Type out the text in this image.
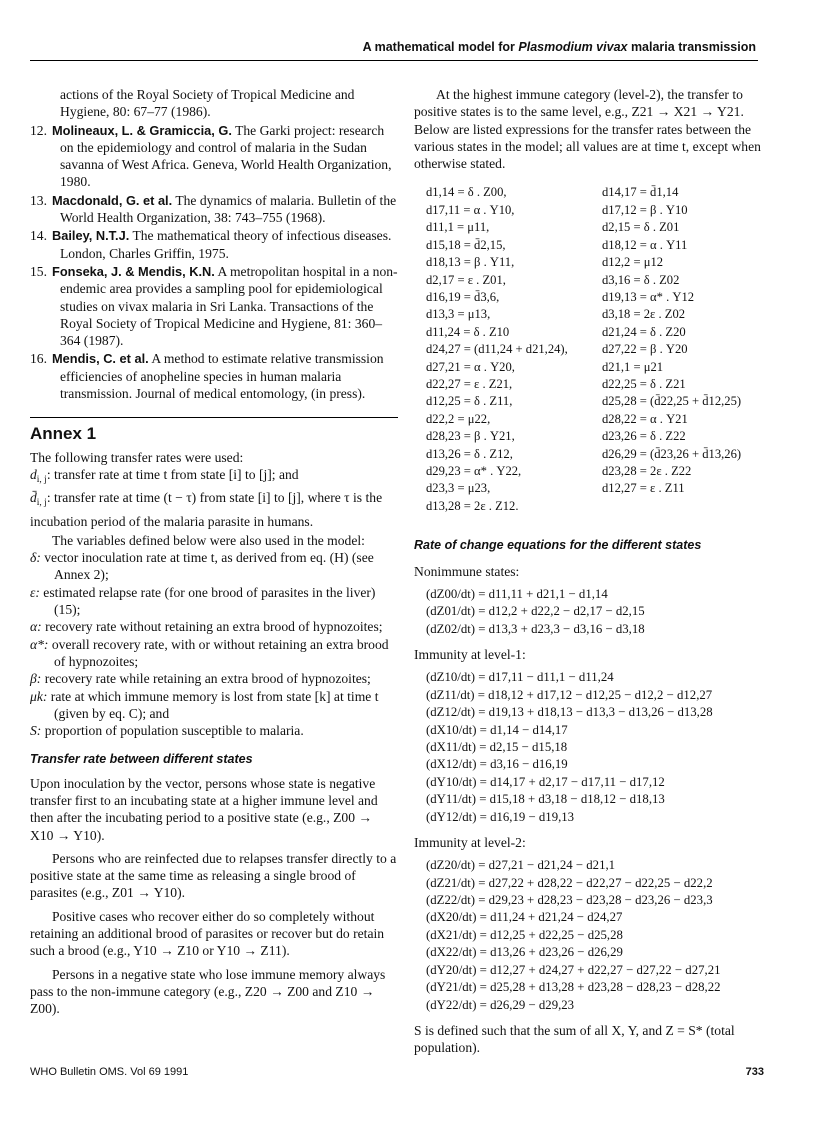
A mathematical model for Plasmodium vivax malaria transmission

actions of the Royal Society of Tropical Medicine and Hygiene, 80: 67–77 (1986).

12. Molineaux, L. & Gramiccia, G. The Garki project: research on the epidemiology and control of malaria in the Sudan savanna of West Africa. Geneva, World Health Organization, 1980.

13. Macdonald, G. et al. The dynamics of malaria. Bulletin of the World Health Organization, 38: 743–755 (1968).

14. Bailey, N.T.J. The mathematical theory of infectious diseases. London, Charles Griffin, 1975.

15. Fonseka, J. & Mendis, K.N. A metropolitan hospital in a non-endemic area provides a sampling pool for epidemiological studies on vivax malaria in Sri Lanka. Transactions of the Royal Society of Tropical Medicine and Hygiene, 81: 360–364 (1987).

16. Mendis, C. et al. A method to estimate relative transmission efficiencies of anopheline species in human malaria transmission. Journal of medical entomology, (in press).

Annex 1

The following transfer rates were used:

$d_{i, j}$: transfer rate at time t from state [i] to [j]; and

$d̄_{i, j}$: transfer rate at time (t − τ) from state [i] to [j], where τ is the incubation period of the malaria parasite in humans.

The variables defined below were also used in the model:

δ: vector inoculation rate at time t, as derived from eq. (H) (see Annex 2);

ε: estimated relapse rate (for one brood of parasites in the liver) (15);

α: recovery rate without retaining an extra brood of hypnozoites;

α*: overall recovery rate, with or without retaining an extra brood of hypnozoites;

β: recovery rate while retaining an extra brood of hypnozoites;

μk: rate at which immune memory is lost from state [k] at time t (given by eq. C); and

S: proportion of population susceptible to malaria.

Transfer rate between different states

Upon inoculation by the vector, persons whose state is negative transfer first to an incubating state at a higher immune level and then after the incubating period to a positive state (e.g., Z00 → X10 → Y10).

Persons who are reinfected due to relapses transfer directly to a positive state at the same time as releasing a single brood of parasites (e.g., Z01 → Y10).

Positive cases who recover either do so completely without retaining an additional brood of parasites or recover but do retain such a brood (e.g., Y10 → Z10 or Y10 → Z11).

Persons in a negative state who lose immune memory always pass to the non-immune category (e.g., Z20 → Z00 and Z10 → Z00).

At the highest immune category (level-2), the transfer to positive states is to the same level, e.g., Z21 → X21 → Y21. Below are listed expressions for the transfer rates between the various states in the model; all values are at time t, except when otherwise stated.

d1,14 = δ . Z00,	d14,17 = d̄1,14
d17,11 = α . Y10,	d17,12 = β . Y10
d11,1 = μ11,	d2,15 = δ . Z01
d15,18 = d̄2,15,	d18,12 = α . Y11
d18,13 = β . Y11,	d12,2 = μ12
d2,17 = ε . Z01,	d3,16 = δ . Z02
d16,19 = d̄3,6,	d19,13 = α* . Y12
d13,3 = μ13,	d3,18 = 2ε . Z02
d11,24 = δ . Z10	d21,24 = δ . Z20
d24,27 = (d11,24 + d21,24),	d27,22 = β . Y20
d27,21 = α . Y20,	d21,1 = μ21
d22,27 = ε . Z21,	d22,25 = δ . Z21
d12,25 = δ . Z11,	d25,28 = (d̄22,25 + d̄12,25)
d22,2 = μ22,	d28,22 = α . Y21
d28,23 = β . Y21,	d23,26 = δ . Z22
d13,26 = δ . Z12,	d26,29 = (d̄23,26 + d̄13,26)
d29,23 = α* . Y22,	d23,28 = 2ε . Z22
d23,3 = μ23,	d12,27 = ε . Z11
d13,28 = 2ε . Z12.
Rate of change equations for the different states

Nonimmune states:

(dZ00/dt) = d11,11 + d21,1 − d1,14
(dZ01/dt) = d12,2 + d22,2 − d2,17 − d2,15
(dZ02/dt) = d13,3 + d23,3 − d3,16 − d3,18

Immunity at level-1:

(dZ10/dt) = d17,11 − d11,1 − d11,24
(dZ11/dt) = d18,12 + d17,12 − d12,25 − d12,2 − d12,27
(dZ12/dt) = d19,13 + d18,13 − d13,3 − d13,26 − d13,28
(dX10/dt) = d1,14 − d14,17
(dX11/dt) = d2,15 − d15,18
(dX12/dt) = d3,16 − d16,19
(dY10/dt) = d14,17 + d2,17 − d17,11 − d17,12
(dY11/dt) = d15,18 + d3,18 − d18,12 − d18,13
(dY12/dt) = d16,19 − d19,13

Immunity at level-2:

(dZ20/dt) = d27,21 − d21,24 − d21,1
(dZ21/dt) = d27,22 + d28,22 − d22,27 − d22,25 − d22,2
(dZ22/dt) = d29,23 + d28,23 − d23,28 − d23,26 − d23,3
(dX20/dt) = d11,24 + d21,24 − d24,27
(dX21/dt) = d12,25 + d22,25 − d25,28
(dX22/dt) = d13,26 + d23,26 − d26,29
(dY20/dt) = d12,27 + d24,27 + d22,27 − d27,22 − d27,21
(dY21/dt) = d25,28 + d13,28 + d23,28 − d28,23 − d28,22
(dY22/dt) = d26,29 − d29,23

S is defined such that the sum of all X, Y, and Z = S* (total population).

WHO Bulletin OMS. Vol 69 1991	733
